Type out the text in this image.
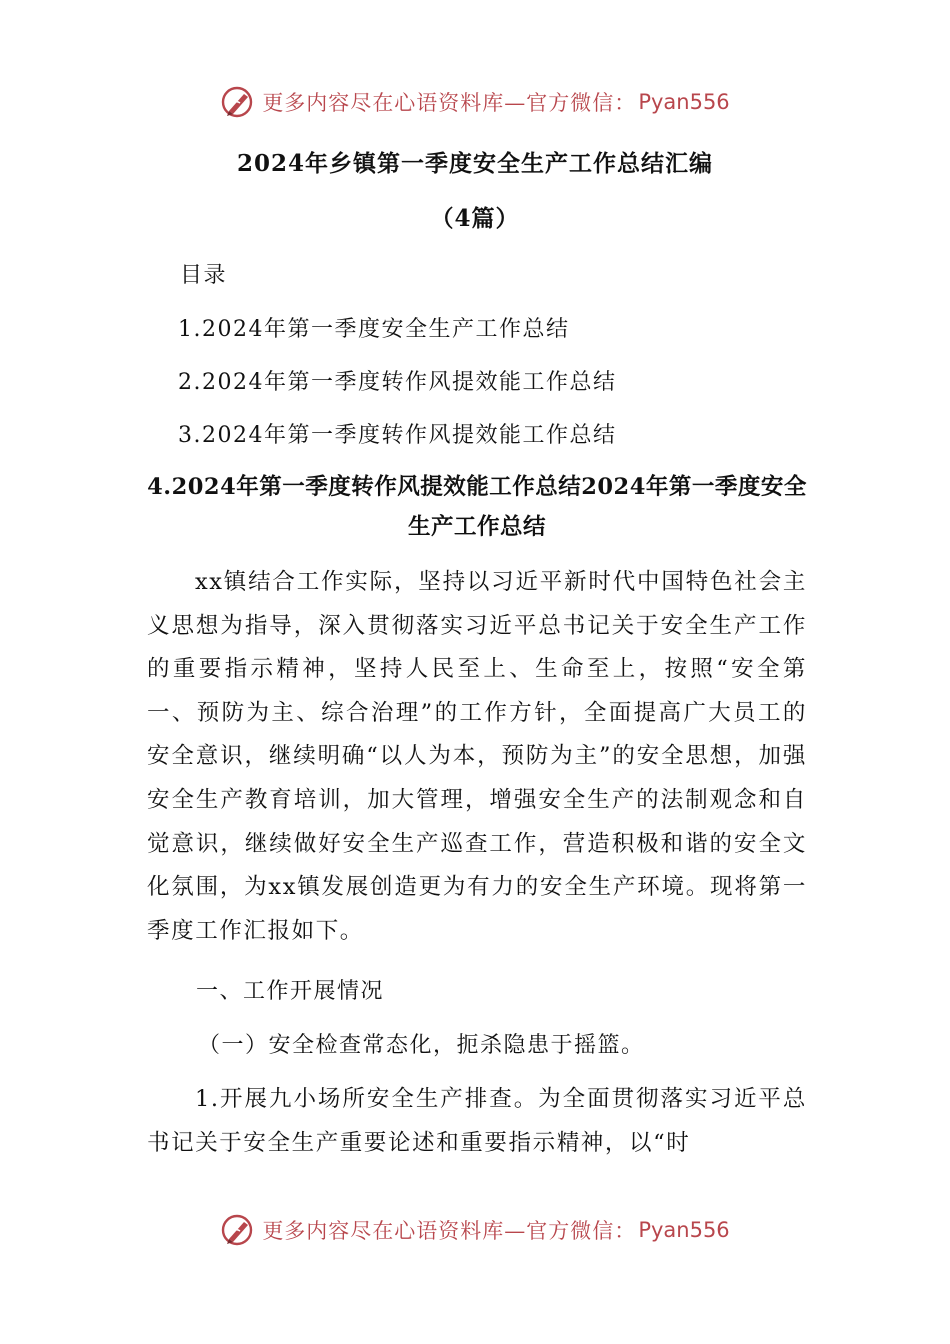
更多内容尽在心语资料库—官方微信： Pyan556
2024年乡镇第一季度安全生产工作总结汇编
（4篇）
目录
1.2024年第一季度安全生产工作总结
2.2024年第一季度转作风提效能工作总结
3.2024年第一季度转作风提效能工作总结
4.2024年第一季度转作风提效能工作总结2024年第一季度安全生产工作总结
xx镇结合工作实际，坚持以习近平新时代中国特色社会主义思想为指导，深入贯彻落实习近平总书记关于安全生产工作的重要指示精神，坚持人民至上、生命至上，按照“安全第一、预防为主、综合治理”的工作方针，全面提高广大员工的安全意识，继续明确“以人为本，预防为主”的安全思想，加强安全生产教育培训，加大管理，增强安全生产的法制观念和自觉意识，继续做好安全生产巡查工作，营造积极和谐的安全文化氛围，为xx镇发展创造更为有力的安全生产环境。现将第一季度工作汇报如下。
一、工作开展情况
（一）安全检查常态化，扼杀隐患于摇篮。
1.开展九小场所安全生产排查。为全面贯彻落实习近平总书记关于安全生产重要论述和重要指示精神，以“时
更多内容尽在心语资料库—官方微信： Pyan556
